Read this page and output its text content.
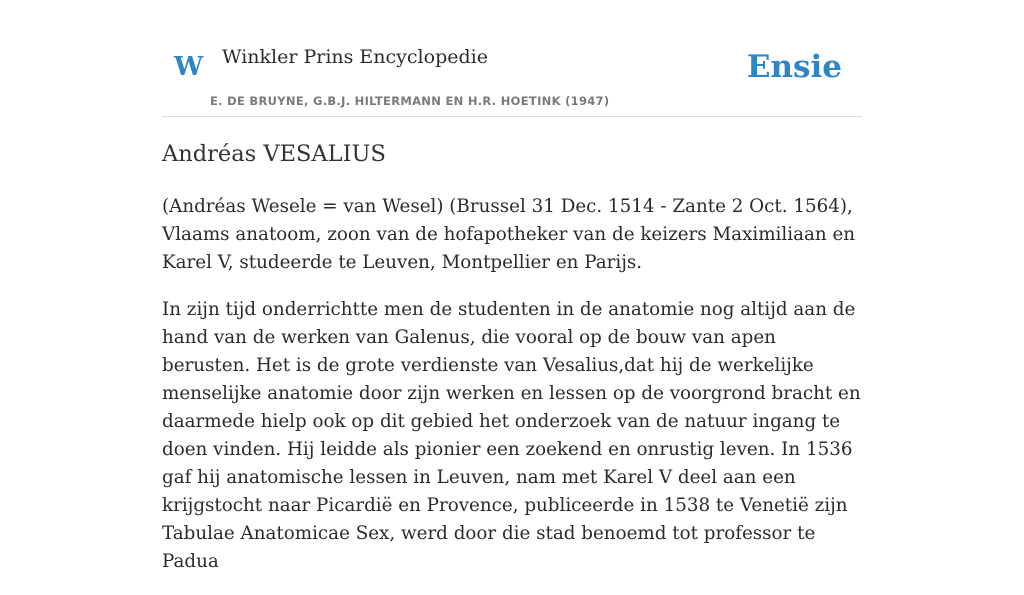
W Winkler Prins Encyclopedie
E. DE BRUYNE, G.B.J. HILTERMANN EN H.R. HOETINK (1947)
Ensie
Andréas VESALIUS

(Andréas Wesele = van Wesel) (Brussel 31 Dec. 1514 - Zante 2 Oct. 1564), Vlaams anatoom, zoon van de hofapotheker van de keizers Maximiliaan en Karel V, studeerde te Leuven, Montpellier en Parijs.

In zijn tijd onderrichtte men de studenten in de anatomie nog altijd aan de hand van de werken van Galenus, die vooral op de bouw van apen berusten. Het is de grote verdienste van Vesalius,dat hij de werkelijke menselijke anatomie door zijn werken en lessen op de voorgrond bracht en daarmede hielp ook op dit gebied het onderzoek van de natuur ingang te doen vinden. Hij leidde als pionier een zoekend en onrustig leven. In 1536 gaf hij anatomische lessen in Leuven, nam met Karel V deel aan een krijgstocht naar Picardië en Provence, publiceerde in 1538 te Venetië zijn Tabulae Anatomicae Sex, werd door die stad benoemd tot professor te Padua
